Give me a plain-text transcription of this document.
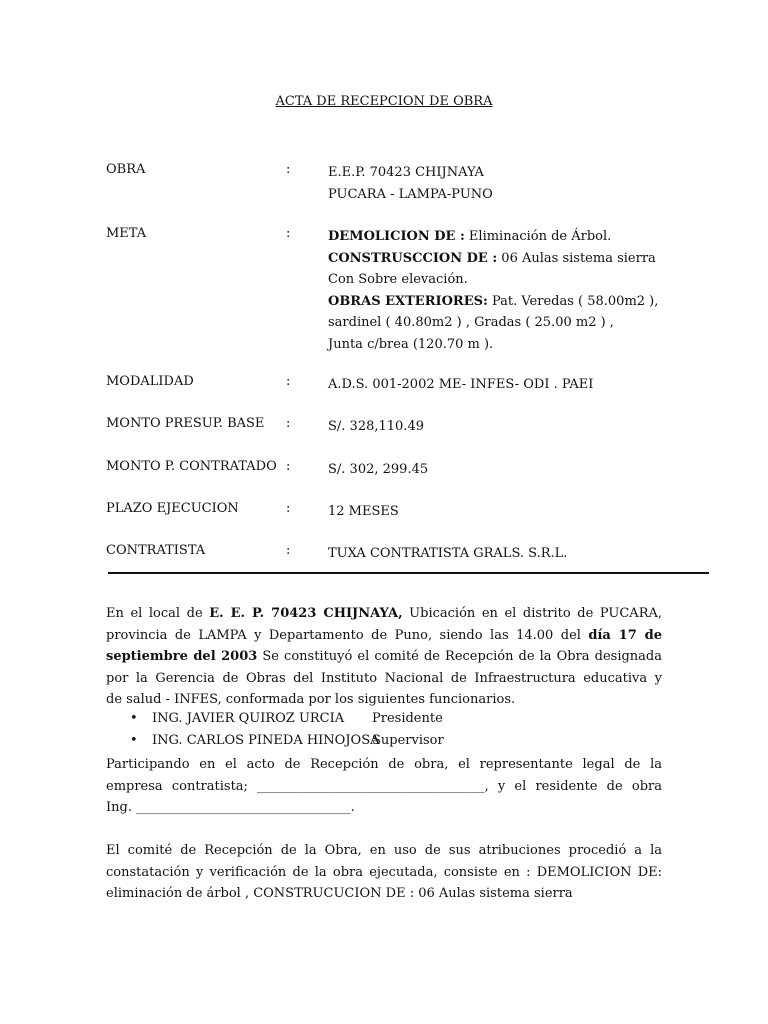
ACTA DE RECEPCION DE OBRA
OBRA	:	E.E.P. 70423 CHIJNAYA
PUCARA - LAMPA-PUNO
META	:	DEMOLICION DE : Eliminación de Árbol.
CONSTRUSCCION DE : 06 Aulas sistema sierra
Con Sobre elevación.
OBRAS EXTERIORES: Pat. Veredas ( 58.00m2 ),
sardinel ( 40.80m2 ) , Gradas ( 25.00 m2 ) ,
Junta c/brea (120.70 m ).
MODALIDAD	:	A.D.S. 001-2002 ME- INFES- ODI . PAEI
MONTO PRESUP. BASE :	S/. 328,110.49
MONTO P. CONTRATADO :	S/. 302, 299.45
PLAZO EJECUCION	:	12 MESES
CONTRATISTA	:	TUXA CONTRATISTA GRALS. S.R.L.
En el local de E. E. P. 70423 CHIJNAYA, Ubicación en el distrito de PUCARA,
provincia de LAMPA y Departamento de Puno, siendo las 14.00 del día 17 de
septiembre del 2003 Se constituyó el comité de Recepción de la Obra designada
por la Gerencia de Obras del Instituto Nacional de Infraestructura educativa y
de salud - INFES, conformada por los siguientes funcionarios.
• ING. JAVIER QUIROZ URCIA Presidente
• ING. CARLOS PINEDA HINOJOSA
Supervisor
Participando en el acto de Recepción de obra, el representante legal de la
empresa contratista; ___________________________________, y el residente de obra
Ing. _________________________________.
El comité de Recepción de la Obra, en uso de sus atribuciones procedió a la
constatación y verificación de la obra ejecutada, consiste en : DEMOLICION DE:
eliminación de árbol , CONSTRUCUCION DE : 06 Aulas sistema sierra
